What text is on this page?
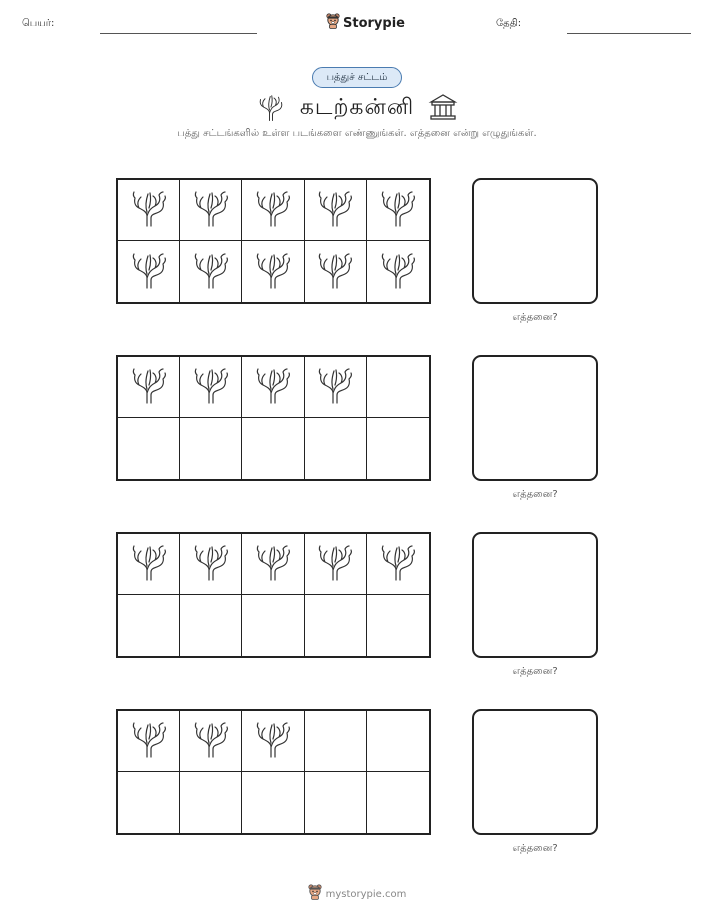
பெயர்:	Storypie	தேதி:
பத்துச் சட்டம்
கடற்கன்னி
பத்து சட்டங்களில் உள்ள படங்களை எண்ணுங்கள். எத்தனை என்று எழுதுங்கள்.
எத்தனை?
எத்தனை?
எத்தனை?
எத்தனை?
mystorypie.com
